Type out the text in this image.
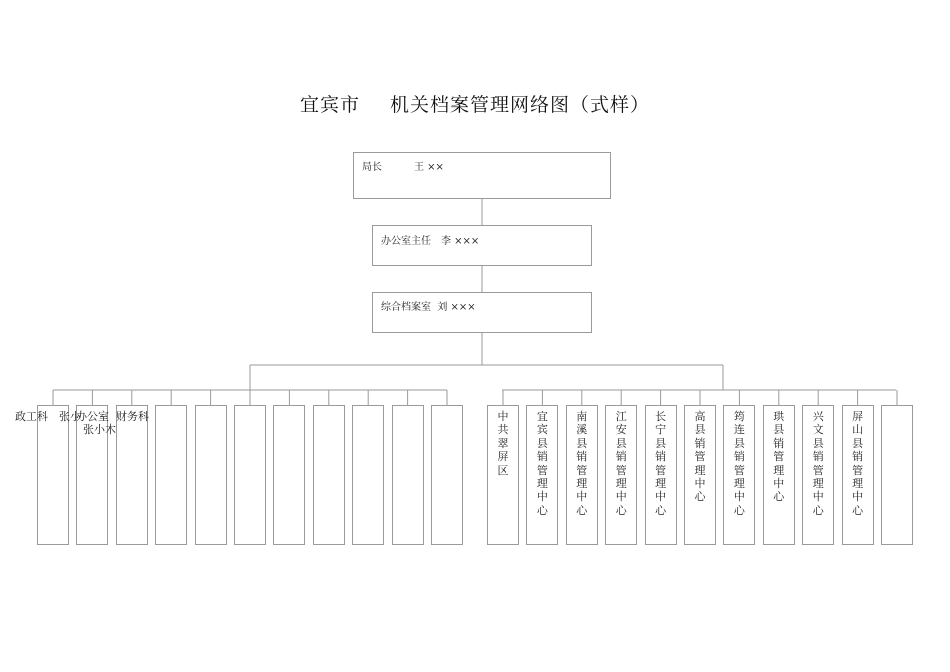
宜宾市 机关档案管理网络图（式样）
局长	王 ××
办公室主任　李 ×××
综合档案室  刘 ×××
中共翠屏区
宜宾县销管理中心
南溪县销管理中心
江安县销管理中心
长宁县销管理中心
高 县销管理中心
筠连县销管理中心
珙县销管理中心
兴文县销管理中心
屏山县销管理中心
政工科 张小
办公室
张小木
财务科
